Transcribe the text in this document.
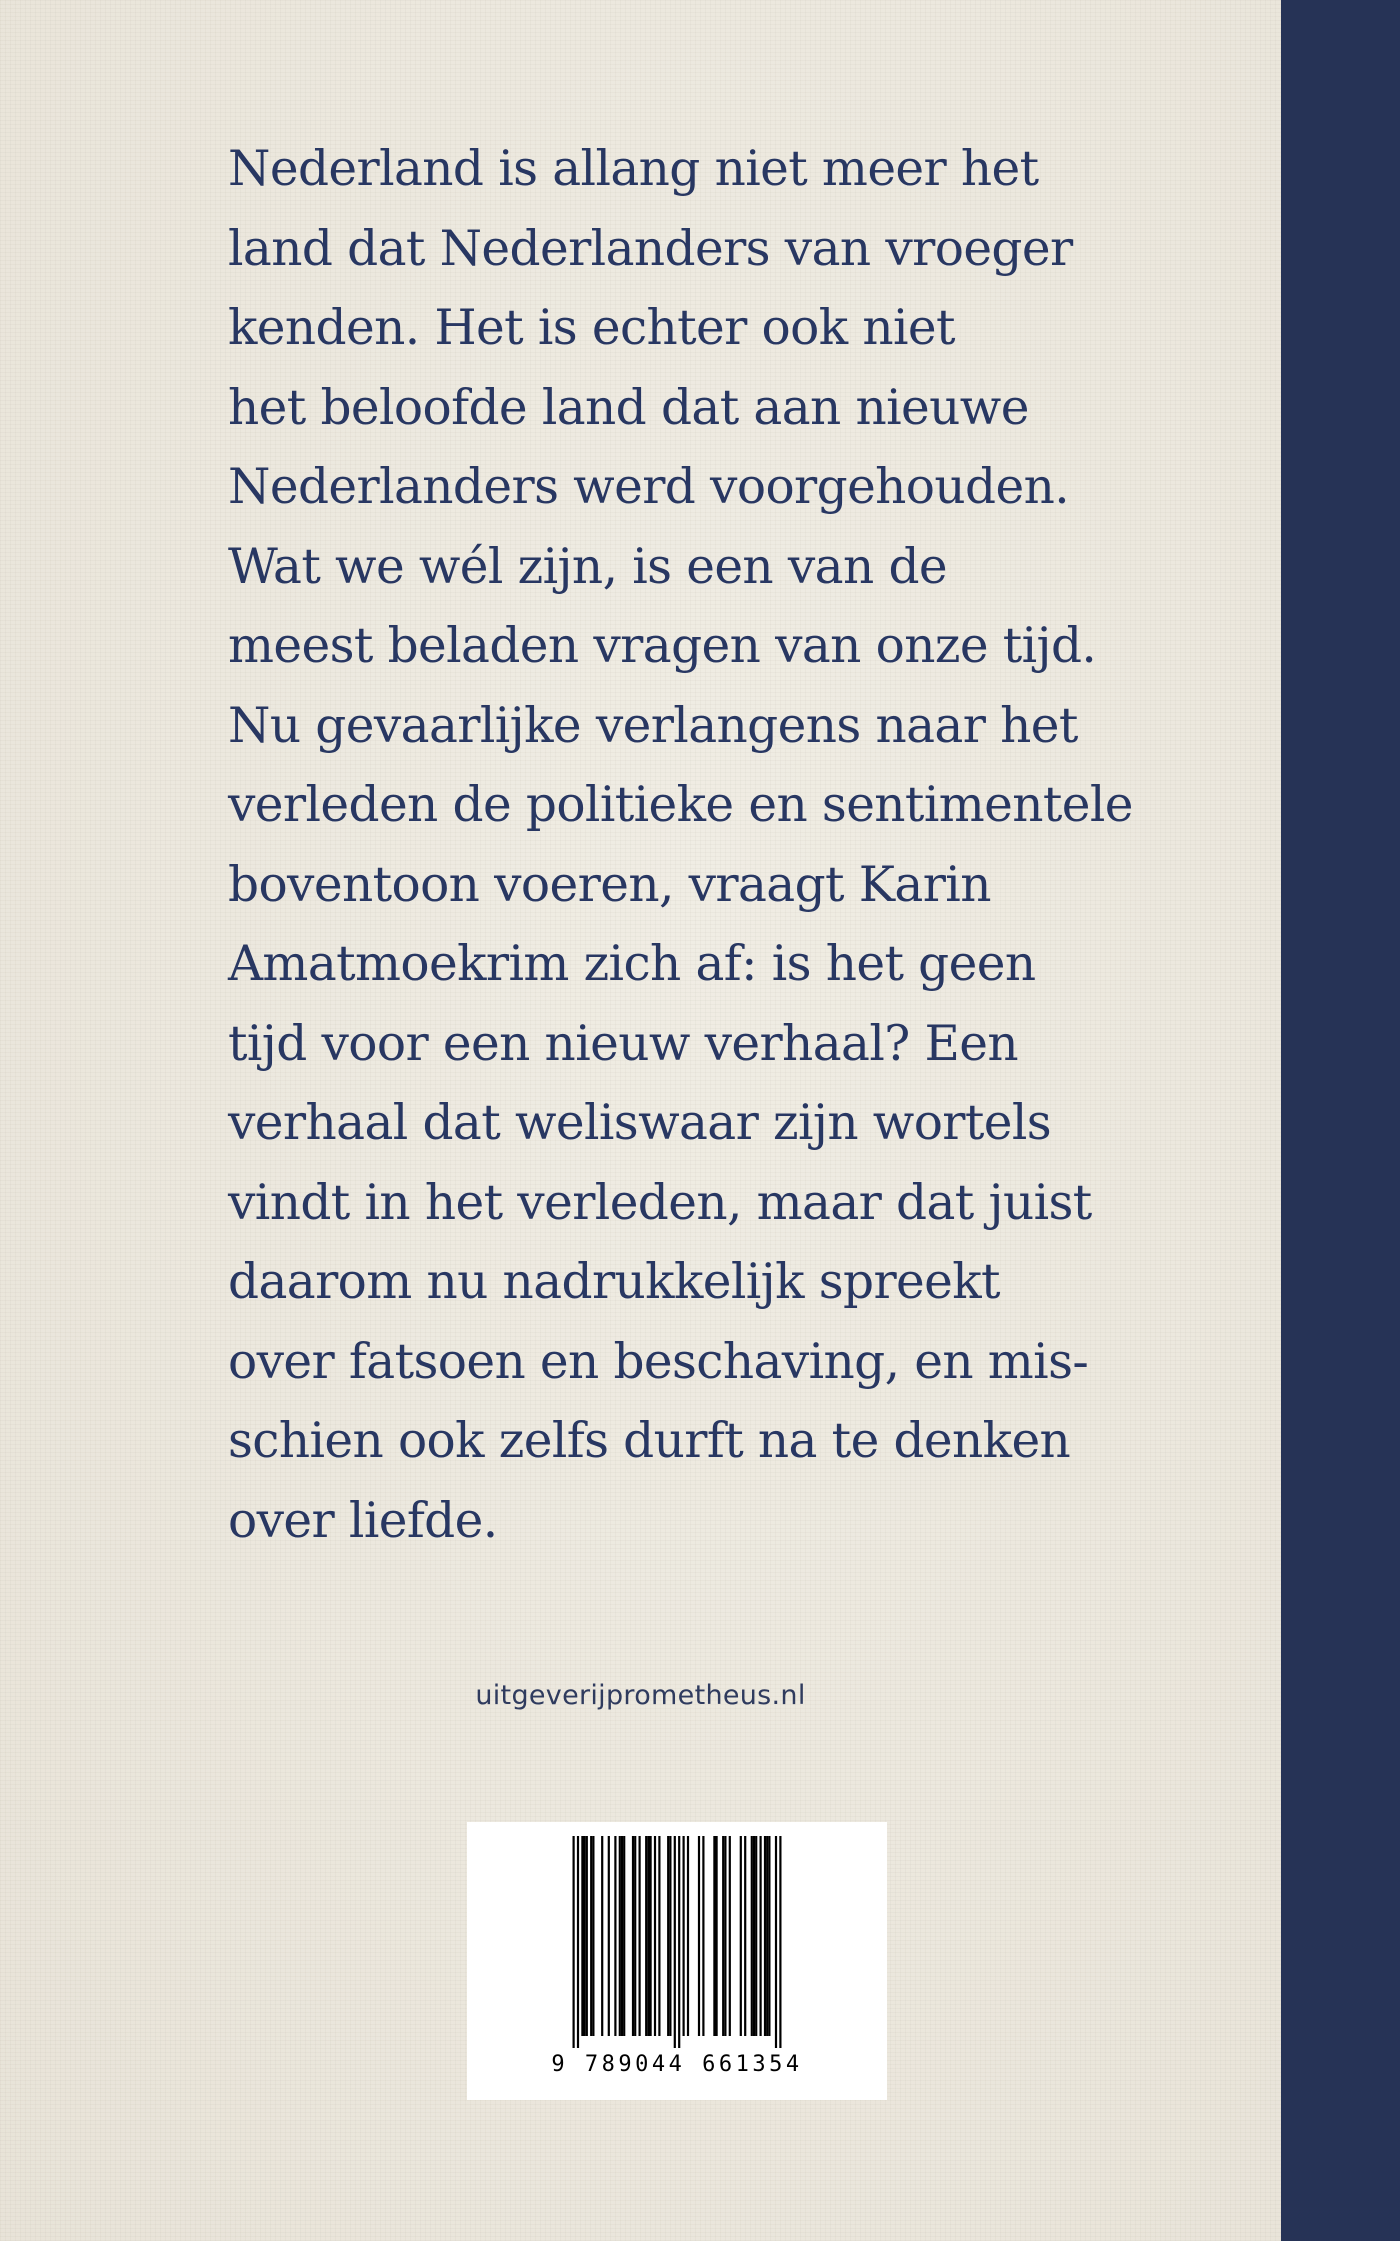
Nederland is allang niet meer het
land dat Nederlanders van vroeger
kenden. Het is echter ook niet
het beloofde land dat aan nieuwe
Nederlanders werd voorgehouden.
Wat we wél zijn, is een van de
meest beladen vragen van onze tijd.
Nu gevaarlijke verlangens naar het
verleden de politieke en sentimentele
boventoon voeren, vraagt Karin
Amatmoekrim zich af: is het geen
tijd voor een nieuw verhaal? Een
verhaal dat weliswaar zijn wortels
vindt in het verleden, maar dat juist
daarom nu nadrukkelijk spreekt
over fatsoen en beschaving, en mis-
schien ook zelfs durft na te denken
over liefde.

uitgeverijprometheus.nl
9 789044 661354
